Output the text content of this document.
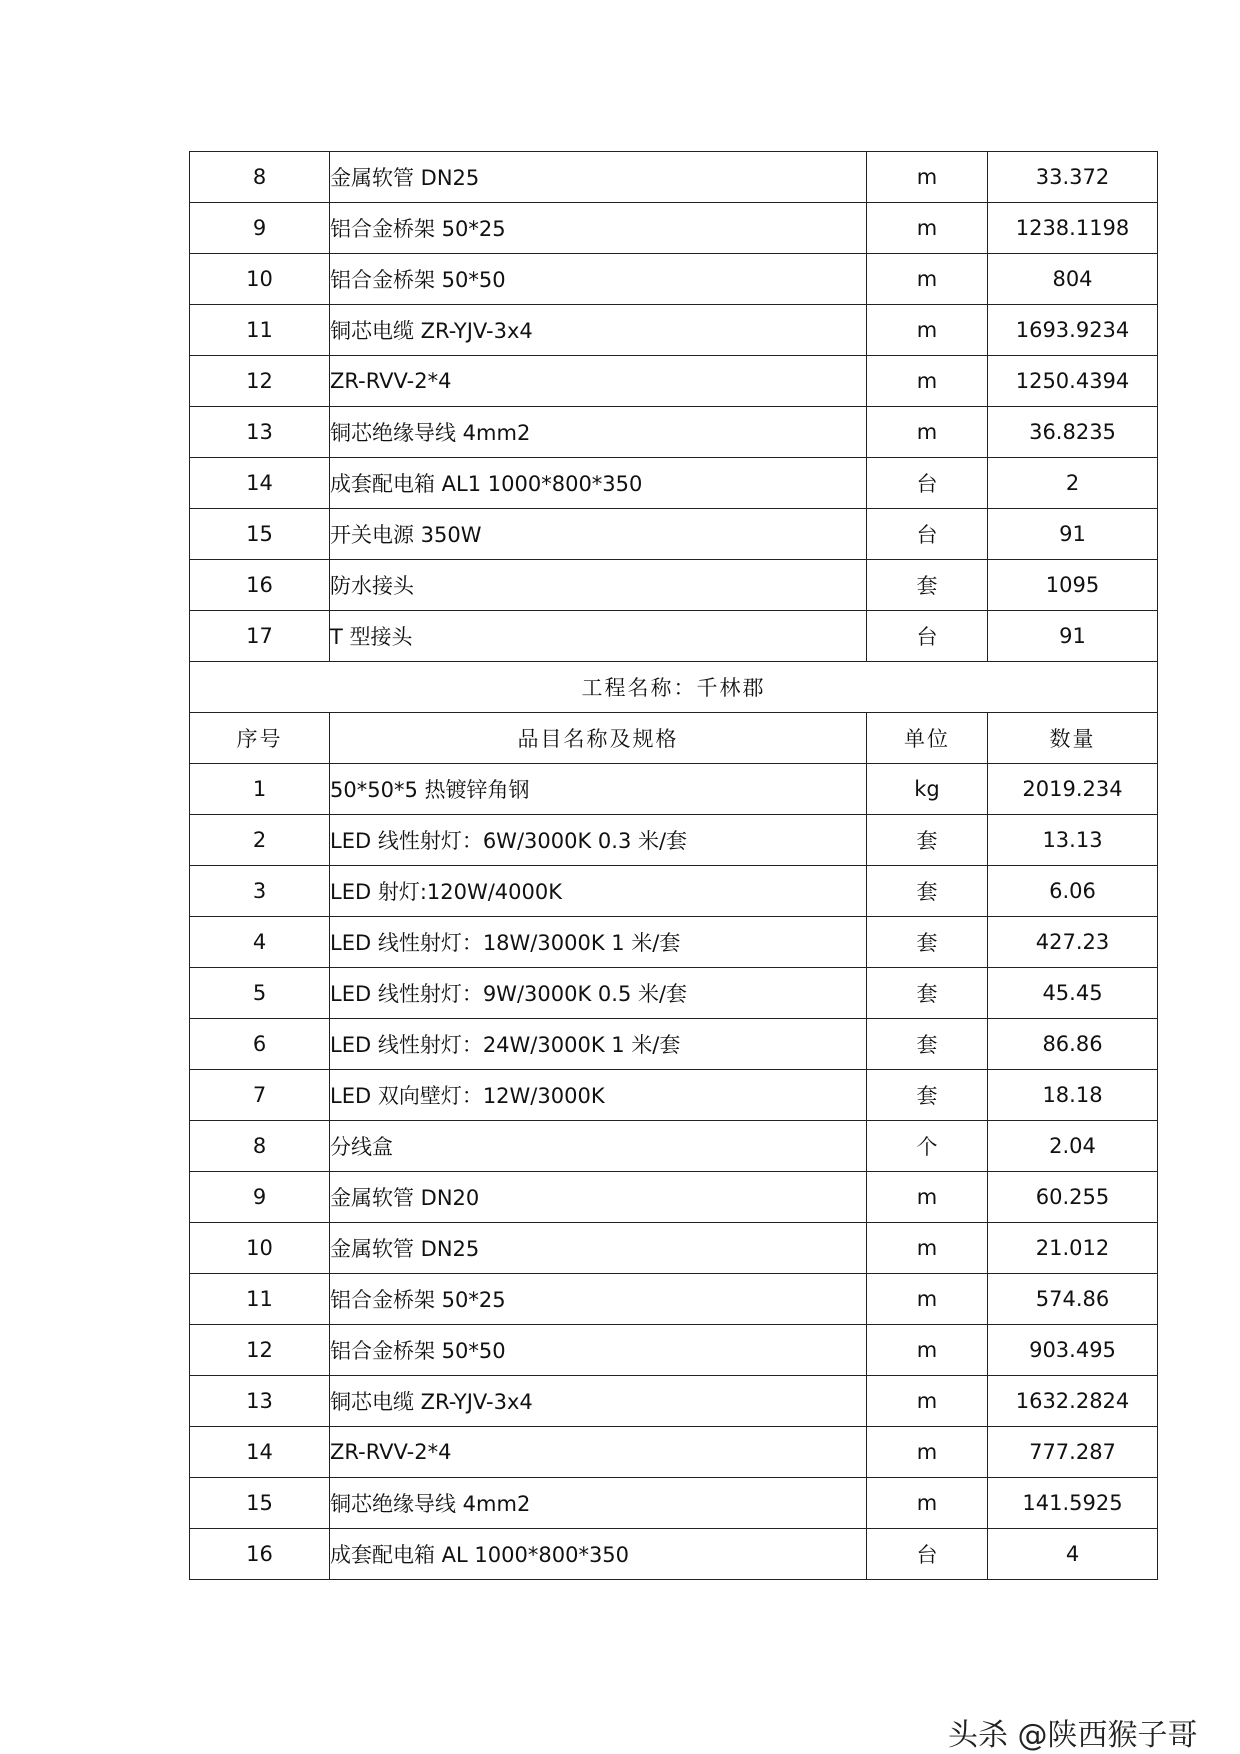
8	金属软管 DN25	m	33.372
9	铝合金桥架 50*25	m	1238.1198
10	铝合金桥架 50*50	m	804
11	铜芯电缆 ZR-YJV-3x4	m	1693.9234
12	ZR-RVV-2*4	m	1250.4394
13	铜芯绝缘导线 4mm2	m	36.8235
14	成套配电箱 AL1 1000*800*350	台	2
15	开关电源 350W	台	91
16	防水接头	套	1095
17	T 型接头	台	91
工程名称：千林郡			
序号	品目名称及规格	单位	数量
1	50*50*5 热镀锌角钢	kg	2019.234
2	LED 线性射灯：6W/3000K 0.3 米/套	套	13.13
3	LED 射灯:120W/4000K	套	6.06
4	LED 线性射灯：18W/3000K 1 米/套	套	427.23
5	LED 线性射灯：9W/3000K 0.5 米/套	套	45.45
6	LED 线性射灯：24W/3000K 1 米/套	套	86.86
7	LED 双向壁灯：12W/3000K	套	18.18
8	分线盒	个	2.04
9	金属软管 DN20	m	60.255
10	金属软管 DN25	m	21.012
11	铝合金桥架 50*25	m	574.86
12	铝合金桥架 50*50	m	903.495
13	铜芯电缆 ZR-YJV-3x4	m	1632.2824
14	ZR-RVV-2*4	m	777.287
15	铜芯绝缘导线 4mm2	m	141.5925
16	成套配电箱 AL 1000*800*350	台	4
头杀 @陕西猴子哥
